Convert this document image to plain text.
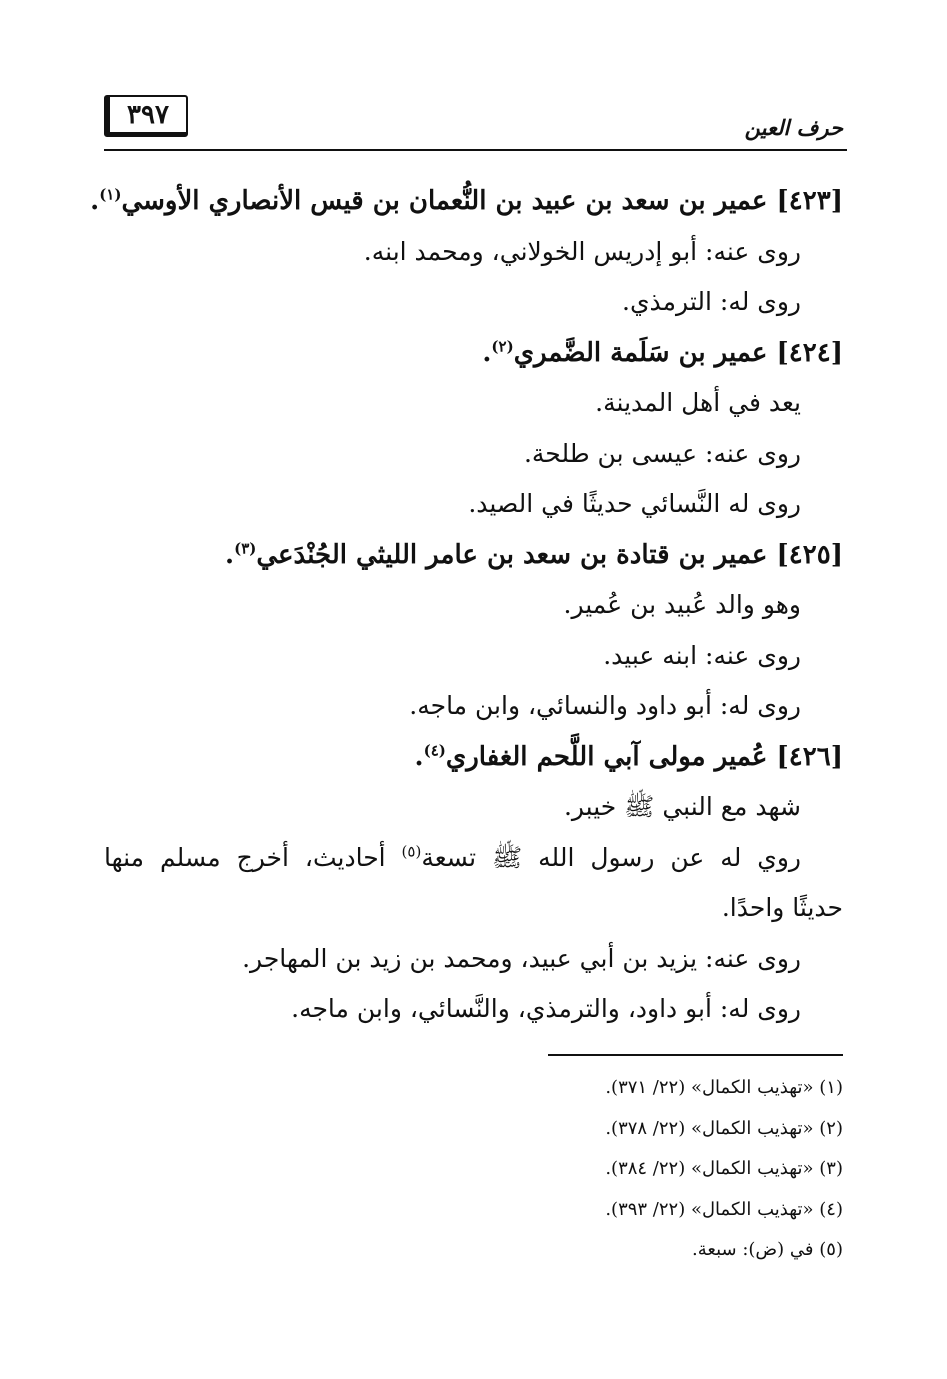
٣٩٧	حرف العين
[٤٢٣] عمير بن سعد بن عبيد بن النُّعمان بن قيس الأنصاري الأوسي$^{(١)}$.
روى عنه: أبو إدريس الخولاني، ومحمد ابنه.
روى له: الترمذي.
[٤٢٤] عمير بن سَلَمة الضَّمري$^{(٢)}$.
يعد في أهل المدينة.
روى عنه: عيسى بن طلحة.
روى له النَّسائي حديثًا في الصيد.
[٤٢٥] عمير بن قتادة بن سعد بن عامر الليثي الجُنْدَعي$^{(٣)}$.
وهو والد عُبيد بن عُمير.
روى عنه: ابنه عبيد.
روى له: أبو داود والنسائي، وابن ماجه.
[٤٢٦] عُمير مولى آبي اللَّحم الغفاري$^{(٤)}$.
شهد مع النبي ﷺ خيبر.
روي له عن رسول الله ﷺ تسعة$^{(٥)}$ أحاديث، أخرج مسلم منها
حديثًا واحدًا.
روى عنه: يزيد بن أبي عبيد، ومحمد بن زيد بن المهاجر.
روى له: أبو داود، والترمذي، والنَّسائي، وابن ماجه.
(١) «تهذيب الكمال» (٢٢/ ٣٧١).
(٢) «تهذيب الكمال» (٢٢/ ٣٧٨).
(٣) «تهذيب الكمال» (٢٢/ ٣٨٤).
(٤) «تهذيب الكمال» (٢٢/ ٣٩٣).
(٥) في (ض): سبعة.
